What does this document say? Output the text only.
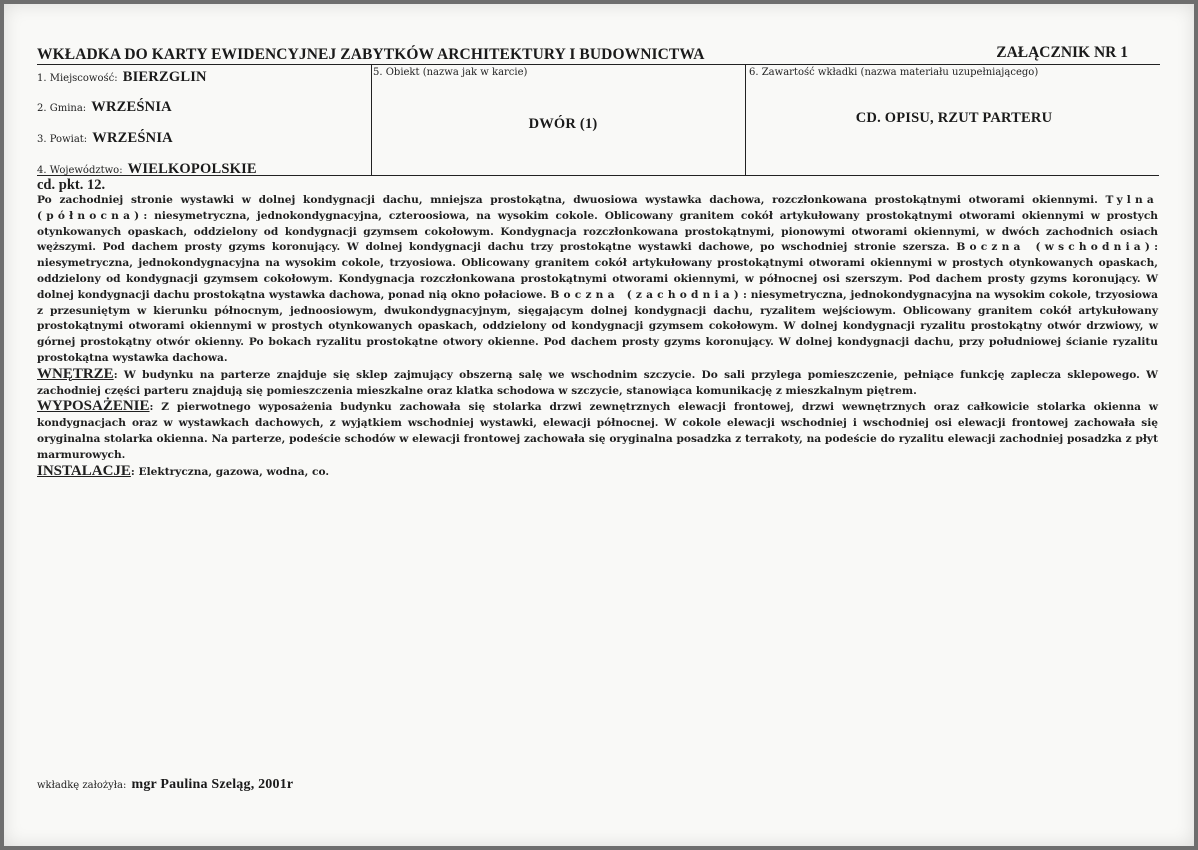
WKŁADKA DO KARTY EWIDENCYJNEJ ZABYTKÓW ARCHITEKTURY I BUDOWNICTWA	ZAŁĄCZNIK NR 1
1. Miejscowość: BIERZGLIN
2. Gmina: WRZEŚNIA
3. Powiat: WRZEŚNIA
4. Województwo: WIELKOPOLSKIE
5. Obiekt (nazwa jak w karcie)
DWÓR (1)
6. Zawartość wkładki (nazwa materiału uzupełniającego)
CD. OPISU, RZUT PARTERU
cd. pkt. 12.
Po zachodniej stronie wystawki w dolnej kondygnacji dachu, mniejsza prostokątna, dwuosiowa wystawka dachowa, rozczłonkowana prostokątnymi otworami okiennymi. Tylna (północna): niesymetryczna, jednokondygnacyjna, czteroosiowa, na wysokim cokole. Oblicowany granitem cokół artykułowany prostokątnymi otworami okiennymi w prostych otynkowanych opaskach, oddzielony od kondygnacji gzymsem cokołowym. Kondygnacja rozczłonkowana prostokątnymi, pionowymi otworami okiennymi, w dwóch zachodnich osiach węższymi. Pod dachem prosty gzyms koronujący. W dolnej kondygnacji dachu trzy prostokątne wystawki dachowe, po wschodniej stronie szersza. Boczna (wschodnia): niesymetryczna, jednokondygnacyjna na wysokim cokole, trzyosiowa. Oblicowany granitem cokół artykułowany prostokątnymi otworami okiennymi w prostych otynkowanych opaskach, oddzielony od kondygnacji gzymsem cokołowym. Kondygnacja rozczłonkowana prostokątnymi otworami okiennymi, w północnej osi szerszym. Pod dachem prosty gzyms koronujący. W dolnej kondygnacji dachu prostokątna wystawka dachowa, ponad nią okno połaciowe. Boczna (zachodnia): niesymetryczna, jednokondygnacyjna na wysokim cokole, trzyosiowa z przesuniętym w kierunku północnym, jednoosiowym, dwukondygnacyjnym, sięgającym dolnej kondygnacji dachu, ryzalitem wejściowym. Oblicowany granitem cokół artykułowany prostokątnymi otworami okiennymi w prostych otynkowanych opaskach, oddzielony od kondygnacji gzymsem cokołowym. W dolnej kondygnacji ryzalitu prostokątny otwór drzwiowy, w górnej prostokątny otwór okienny. Po bokach ryzalitu prostokątne otwory okienne. Pod dachem prosty gzyms koronujący. W dolnej kondygnacji dachu, przy południowej ścianie ryzalitu prostokątna wystawka dachowa.
WNĘTRZE: W budynku na parterze znajduje się sklep zajmujący obszerną salę we wschodnim szczycie. Do sali przylega pomieszczenie, pełniące funkcję zaplecza sklepowego. W zachodniej części parteru znajdują się pomieszczenia mieszkalne oraz klatka schodowa w szczycie, stanowiąca komunikację z mieszkalnym piętrem.
WYPOSAŻENIE: Z pierwotnego wyposażenia budynku zachowała się stolarka drzwi zewnętrznych elewacji frontowej, drzwi wewnętrznych oraz całkowicie stolarka okienna w kondygnacjach oraz w wystawkach dachowych, z wyjątkiem wschodniej wystawki, elewacji północnej. W cokole elewacji wschodniej i wschodniej osi elewacji frontowej zachowała się oryginalna stolarka okienna. Na parterze, podeście schodów w elewacji frontowej zachowała się oryginalna posadzka z terrakoty, na podeście do ryzalitu elewacji zachodniej posadzka z płyt marmurowych.
INSTALACJE: Elektryczna, gazowa, wodna, co.
wkładkę założyła: mgr Paulina Szeląg, 2001r
